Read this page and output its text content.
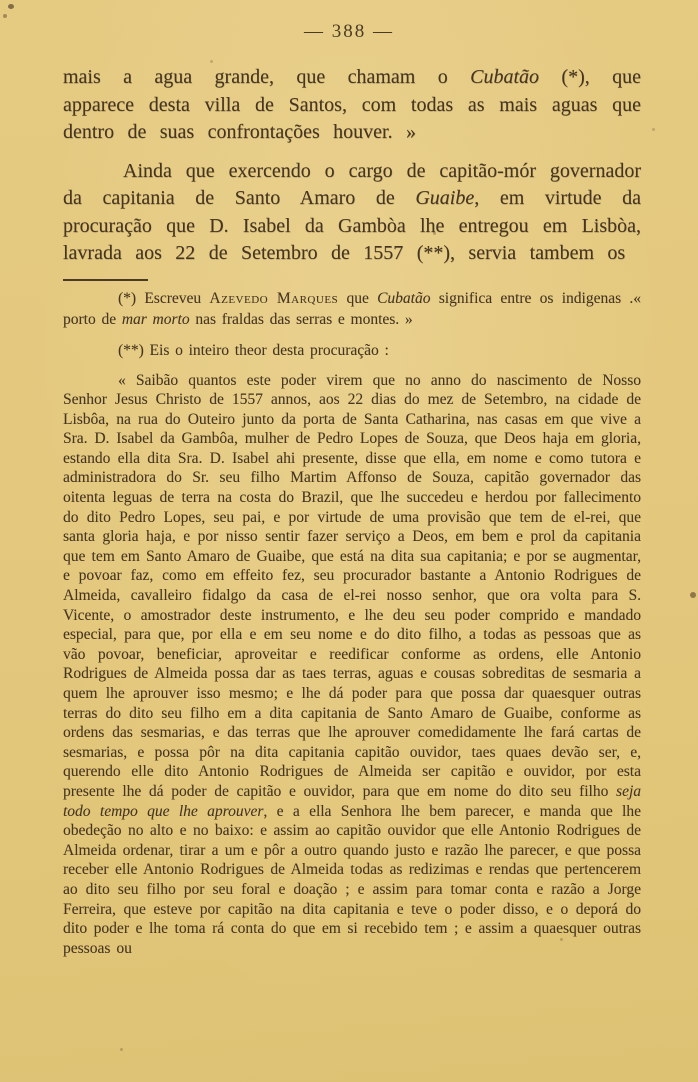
— 388 —

mais a agua grande, que chamam o Cubatão (*), que apparece desta villa de Santos, com todas as mais aguas que dentro de suas confrontações houver. »

Ainda que exercendo o cargo de capitão-mór governador da capitania de Santo Amaro de Guaibe, em virtude da procuração que D. Isabel da Gambòa lhe entregou em Lisbòa, lavrada aos 22 de Setembro de 1557 (**), servia tambem os

(*) Escreveu Azevedo Marques que Cubatão significa entre os indigenas .« porto de mar morto nas fraldas das serras e montes. »

(**) Eis o inteiro theor desta procuração :

« Saibão quantos este poder virem que no anno do nascimento de Nosso Senhor Jesus Christo de 1557 annos, aos 22 dias do mez de Setembro, na cidade de Lisbôa, na rua do Outeiro junto da porta de Santa Catharina, nas casas em que vive a Sra. D. Isabel da Gambôa, mulher de Pedro Lopes de Souza, que Deos haja em gloria, estando ella dita Sra. D. Isabel ahi presente, disse que ella, em nome e como tutora e administradora do Sr. seu filho Martim Affonso de Souza, capitão governador das oitenta leguas de terra na costa do Brazil, que lhe succedeu e herdou por fallecimento do dito Pedro Lopes, seu pai, e por virtude de uma provisão que tem de el-rei, que santa gloria haja, e por nisso sentir fazer serviço a Deos, em bem e prol da capitania que tem em Santo Amaro de Guaibe, que está na dita sua capitania; e por se augmentar, e povoar faz, como em effeito fez, seu procurador bastante a Antonio Rodrigues de Almeida, cavalleiro fidalgo da casa de el-rei nosso senhor, que ora volta para S. Vicente, o amostrador deste instrumento, e lhe deu seu poder comprido e mandado especial, para que, por ella e em seu nome e do dito filho, a todas as pessoas que as vão povoar, beneficiar, aproveitar e reedificar conforme as ordens, elle Antonio Rodrigues de Almeida possa dar as taes terras, aguas e cousas sobreditas de sesmaria a quem lhe aprouver isso mesmo; e lhe dá poder para que possa dar quaesquer outras terras do dito seu filho em a dita capitania de Santo Amaro de Guaibe, conforme as ordens das sesmarias, e das terras que lhe aprouver comedidamente lhe fará cartas de sesmarias, e possa pôr na dita capitania capitão ouvidor, taes quaes devão ser, e, querendo elle dito Antonio Rodrigues de Almeida ser capitão e ouvidor, por esta presente lhe dá poder de capitão e ouvidor, para que em nome do dito seu filho seja todo tempo que lhe aprouver, e a ella Senhora lhe bem parecer, e manda que lhe obedeção no alto e no baixo: e assim ao capitão ouvidor que elle Antonio Rodrigues de Almeida ordenar, tirar a um e pôr a outro quando justo e razão lhe parecer, e que possa receber elle Antonio Rodrigues de Almeida todas as redizimas e rendas que pertencerem ao dito seu filho por seu foral e doação ; e assim para tomar conta e razão a Jorge Ferreira, que esteve por capitão na dita capitania e teve o poder disso, e o deporá do dito poder e lhe toma rá conta do que em si recebido tem ; e assim a quaesquer outras pessoas ou
